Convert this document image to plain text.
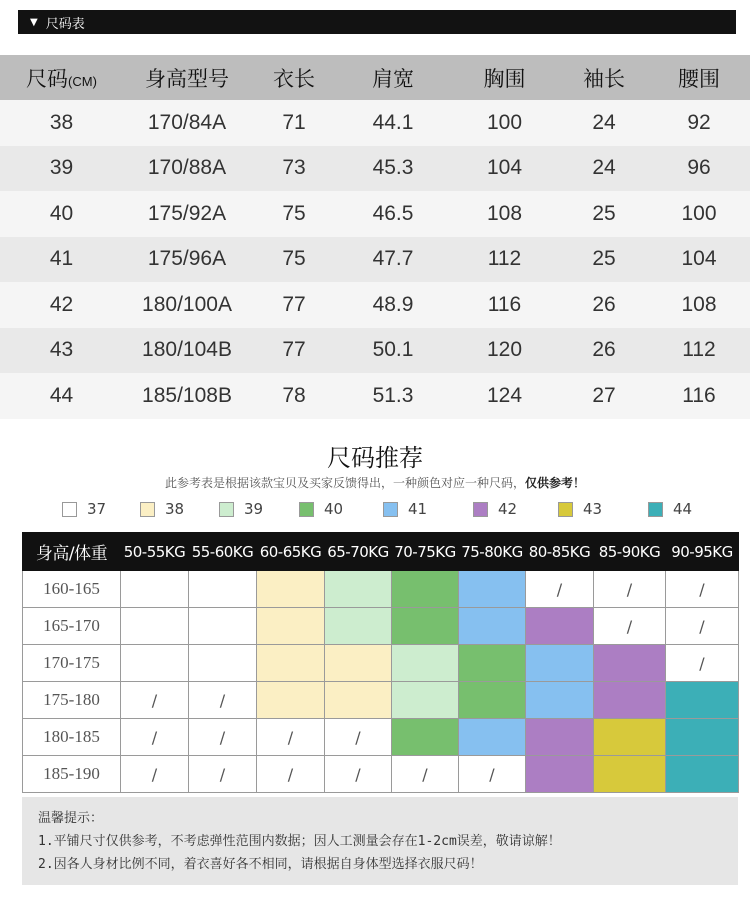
▼ 尺码表
尺码(CM)	身高型号	衣长	肩宽	胸围	袖长	腰围
38	170/84A	71	44.1	100	24	92
39	170/88A	73	45.3	104	24	96
40	175/92A	75	46.5	108	25	100
41	175/96A	75	47.7	112	25	104
42	180/100A	77	48.9	116	26	108
43	180/104B	77	50.1	120	26	112
44	185/108B	78	51.3	124	27	116
尺码推荐
此参考表是根据该款宝贝及买家反馈得出，一种颜色对应一种尺码，仅供参考！
37	38	39	40	41	42	43	44
身高/体重	50-55KG	55-60KG	60-65KG	65-70KG	70-75KG	75-80KG	80-85KG	85-90KG	90-95KG
160-165							/	/	/
165-170								/	/
170-175									/
175-180	/	/							
180-185	/	/	/	/					
185-190	/	/	/	/	/	/			
温馨提示：
1.平铺尺寸仅供参考，不考虑弹性范围内数据；因人工测量会存在1-2cm误差，敬请谅解！
2.因各人身材比例不同，着衣喜好各不相同，请根据自身体型选择衣服尺码！
